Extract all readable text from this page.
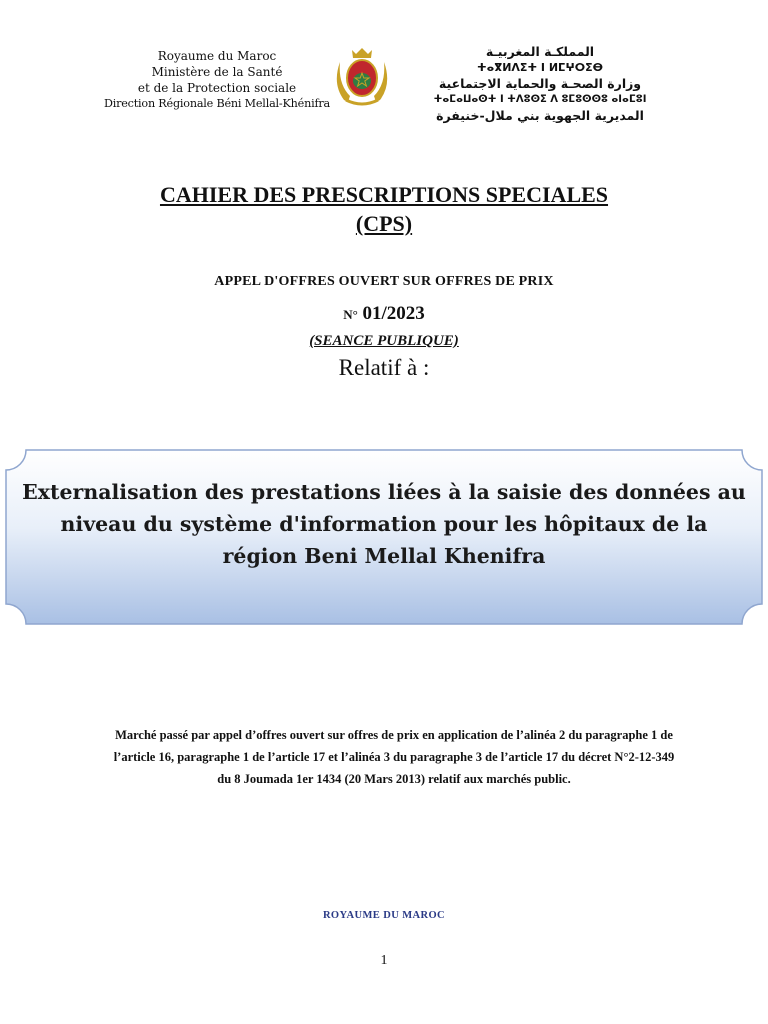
Royaume du Maroc
Ministère de la Santé
et de la Protection sociale
Direction Régionale Béni Mellal-Khénifra
المملكـة المغربيـة
ⵜⴰⴳⵍⴷⵉⵜ ⵏ ⵍⵎⵖⵔⵉⴱ
وزارة الصحـة والحماية الاجتماعية
ⵜⴰⵎⴰⵡⴰⵙⵜ ⵏ ⵜⴷⵓⵙⵉ ⴷ ⵓⵎⵓⵙⵙⵓ ⴰⵏⴰⵎⵓⵏ
المديرية الجهوية بني ملال-خنيفرة
CAHIER DES PRESCRIPTIONS SPECIALES
(CPS)
APPEL D'OFFRES OUVERT SUR OFFRES DE PRIX
N° 01/2023
(SEANCE PUBLIQUE)
Relatif à :
Externalisation des prestations liées à la saisie des données au niveau du système d'information pour les hôpitaux de la région Beni Mellal Khenifra
Marché passé par appel d’offres ouvert sur offres de prix en application de l’alinéa 2 du paragraphe 1 de l’article 16, paragraphe 1 de l’article 17 et l’alinéa 3 du paragraphe 3 de l’article 17 du décret N°2-12-349 du 8 Joumada 1er 1434 (20 Mars 2013) relatif aux marchés public.
ROYAUME DU MAROC
1
